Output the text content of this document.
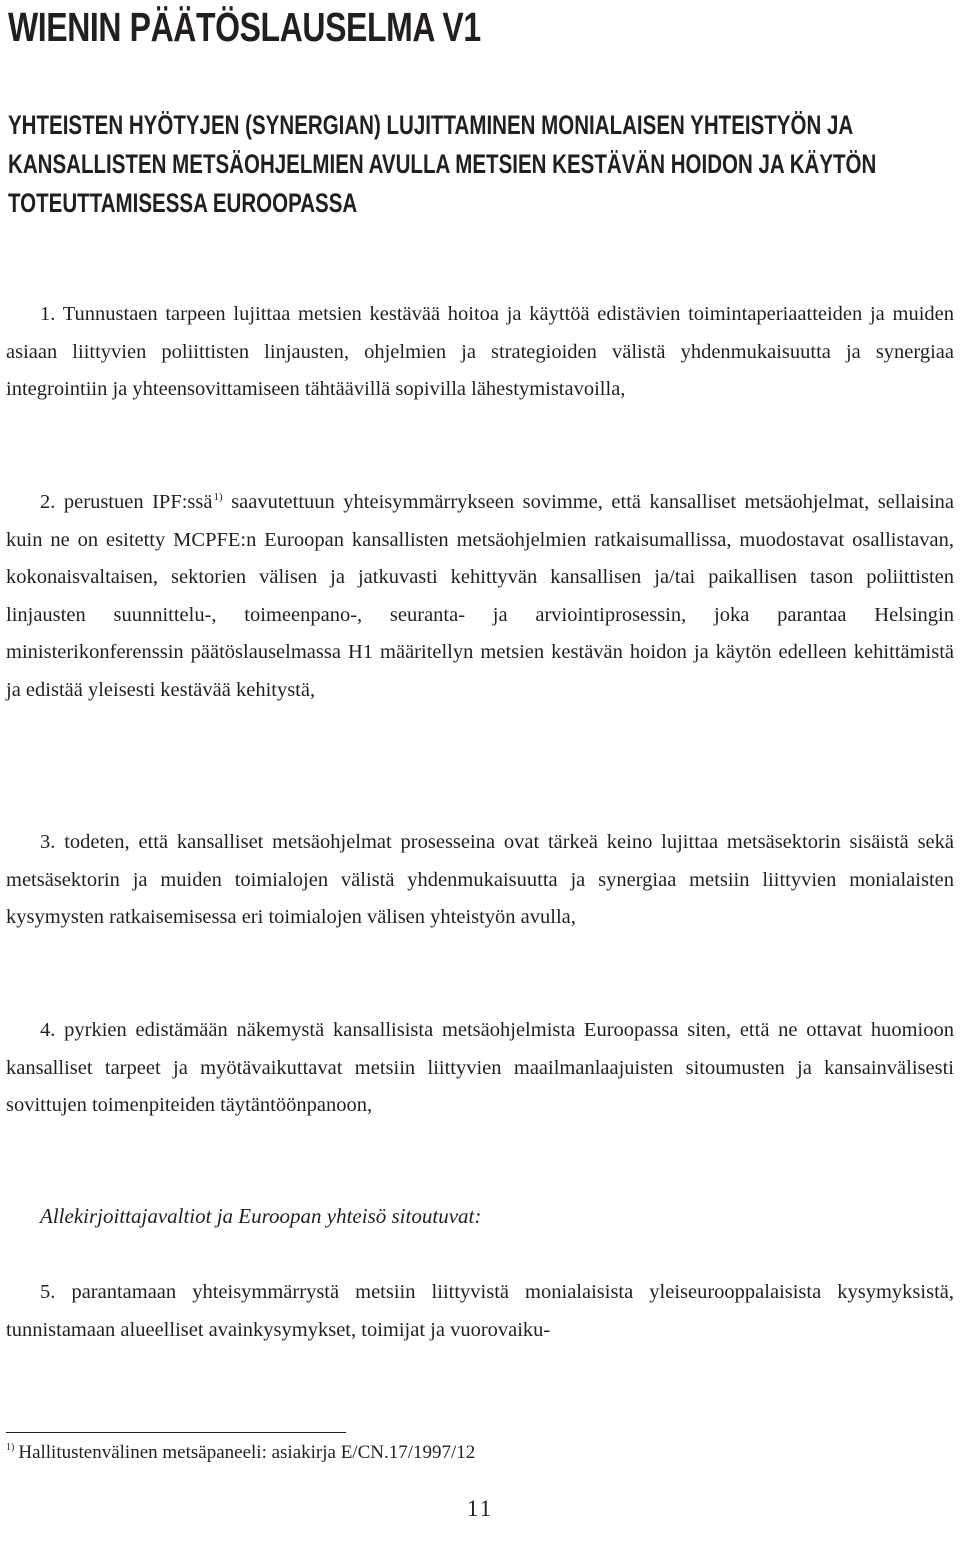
WIENIN PÄÄTÖSLAUSELMA V1
YHTEISTEN HYÖTYJEN (SYNERGIAN) LUJITTAMINEN MONIALAISEN YHTEISTYÖN JA KANSALLISTEN METSÄOHJELMIEN AVULLA METSIEN KESTÄVÄN HOIDON JA KÄYTÖN TOTEUTTAMISESSA EUROOPASSA

1. Tunnustaen tarpeen lujittaa metsien kestävää hoitoa ja käyttöä edistävien toimintaperiaatteiden ja muiden asiaan liittyvien poliittisten linjausten, ohjelmien ja strategioiden välistä yhdenmukaisuutta ja synergiaa integrointiin ja yhteensovittamiseen tähtäävillä sopivilla lähestymistavoilla,

2. perustuen IPF:ssä$^{1)}$ saavutettuun yhteisymmärrykseen sovimme, että kansalliset metsäohjelmat, sellaisina kuin ne on esitetty MCPFE:n Euroopan kansallisten metsäohjelmien ratkaisumallissa, muodostavat osallistavan, kokonaisvaltaisen, sektorien välisen ja jatkuvasti kehittyvän kansallisen ja/tai paikallisen tason poliittisten linjausten suunnittelu-, toimeenpano-, seuranta- ja arviointiprosessin, joka parantaa Helsingin ministerikonferenssin päätöslauselmassa H1 määritellyn metsien kestävän hoidon ja käytön edelleen kehittämistä ja edistää yleisesti kestävää kehitystä,

3. todeten, että kansalliset metsäohjelmat prosesseina ovat tärkeä keino lujittaa metsäsektorin sisäistä sekä metsäsektorin ja muiden toimialojen välistä yhdenmukaisuutta ja synergiaa metsiin liittyvien monialaisten kysymysten ratkaisemisessa eri toimialojen välisen yhteistyön avulla,

4. pyrkien edistämään näkemystä kansallisista metsäohjelmista Euroopassa siten, että ne ottavat huomioon kansalliset tarpeet ja myötävaikuttavat metsiin liittyvien maailmanlaajuisten sitoumusten ja kansainvälisesti sovittujen toimenpiteiden täytäntöönpanoon,

Allekirjoittajavaltiot ja Euroopan yhteisö sitoutuvat:

5. parantamaan yhteisymmärrystä metsiin liittyvistä monialaisista yleiseurooppalaisista kysymyksistä, tunnistamaan alueelliset avainkysymykset, toimijat ja vuorovaiku-

$^{1)}$ Hallitustenvälinen metsäpaneeli: asiakirja E/CN.17/1997/12

11
